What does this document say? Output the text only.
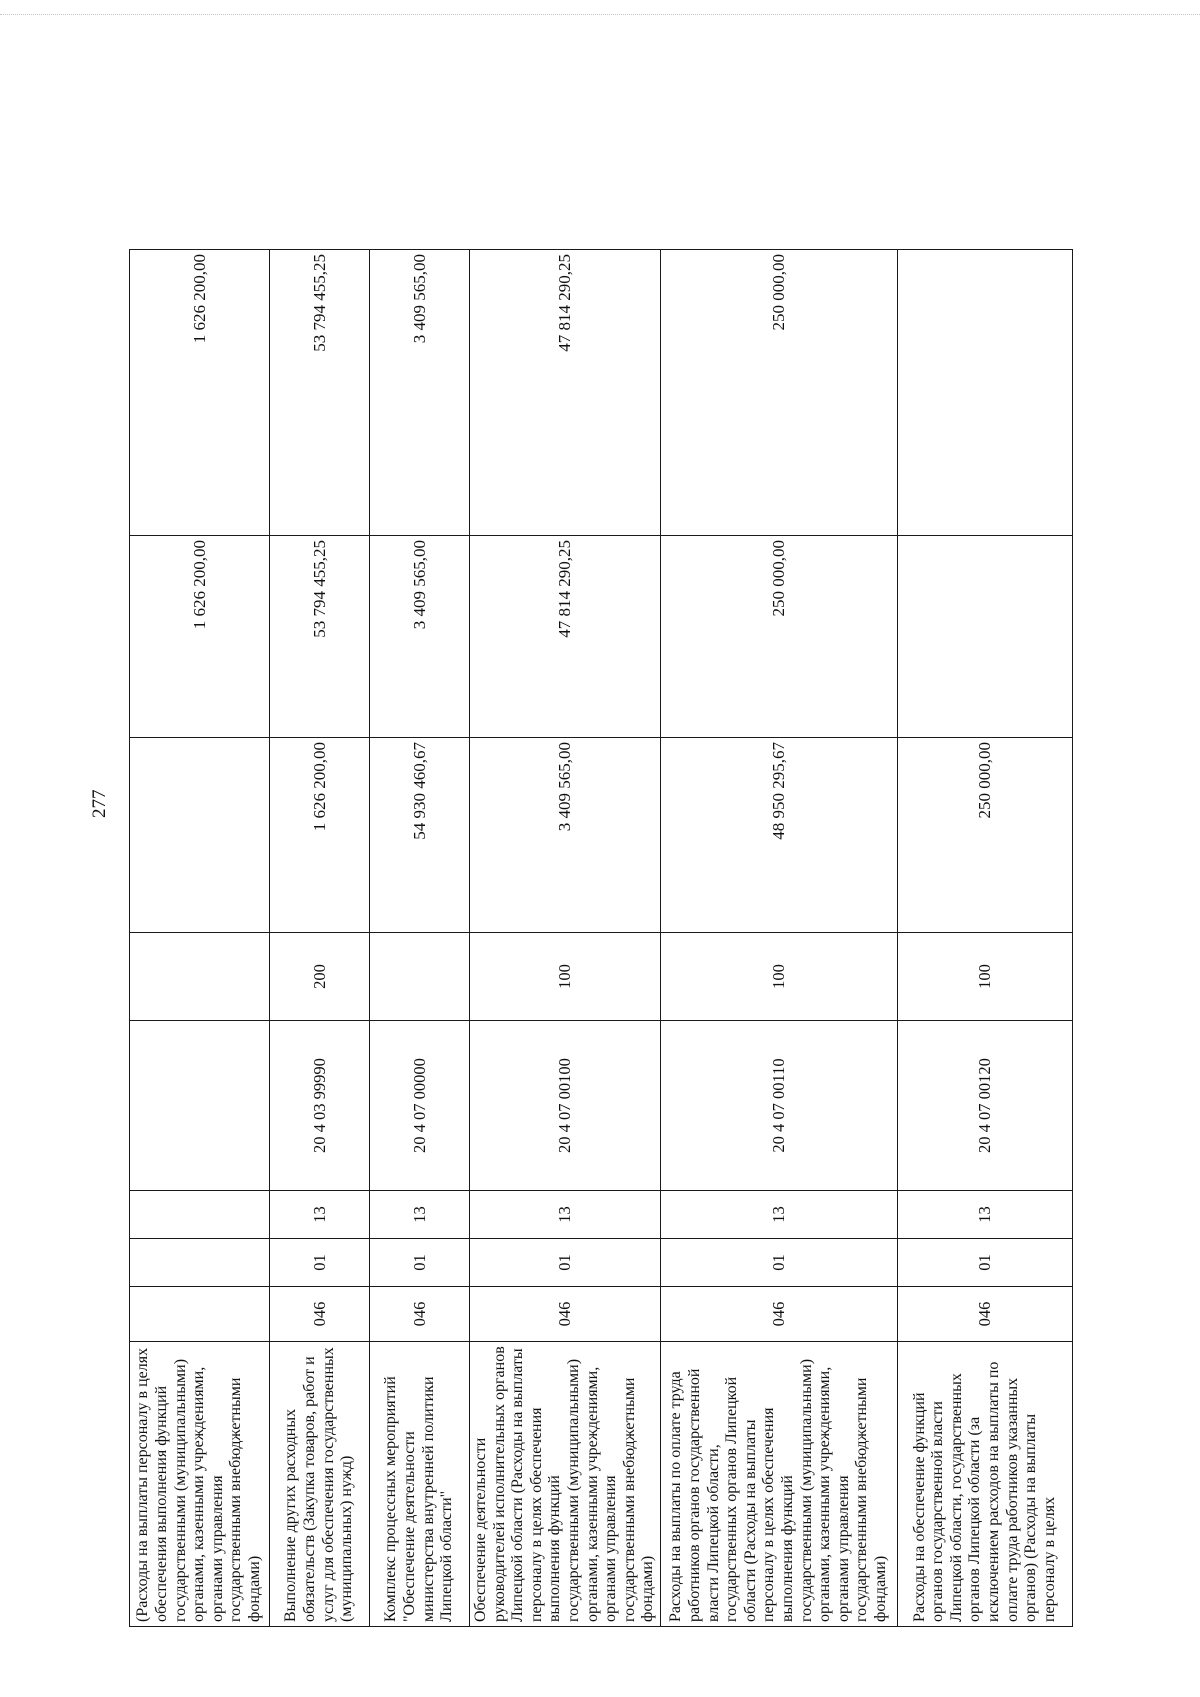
277
(Расходы на выплаты персоналу в целях обеспечения выполнения функций государственными (муниципальными) органами, казенными учреждениями, органами управления государственными внебюджетными фондами)							1 626 200,00	1 626 200,00
Выполнение других расходных обязательств (Закупка товаров, работ и услуг для обеспечения государственных (муниципальных) нужд)	046	01	13	20 4 03 99990	200	1 626 200,00	53 794 455,25	53 794 455,25
Комплекс процессных мероприятий "Обеспечение деятельности министерства внутренней политики Липецкой области"	046	01	13	20 4 07 00000		54 930 460,67	3 409 565,00	3 409 565,00
Обеспечение деятельности руководителей исполнительных органов Липецкой области (Расходы на выплаты персоналу в целях обеспечения выполнения функций государственными (муниципальными) органами, казенными учреждениями, органами управления государственными внебюджетными фондами)	046	01	13	20 4 07 00100	100	3 409 565,00	47 814 290,25	47 814 290,25
Расходы на выплаты по оплате труда работников органов государственной власти Липецкой области, государственных органов Липецкой области (Расходы на выплаты персоналу в целях обеспечения выполнения функций государственными (муниципальными) органами, казенными учреждениями, органами управления государственными внебюджетными фондами)	046	01	13	20 4 07 00110	100	48 950 295,67	250 000,00	250 000,00
Расходы на обеспечение функций органов государственной власти Липецкой области, государственных органов Липецкой области (за исключением расходов на выплаты по оплате труда работников указанных органов) (Расходы на выплаты персоналу в целях	046	01	13	20 4 07 00120	100	250 000,00		
